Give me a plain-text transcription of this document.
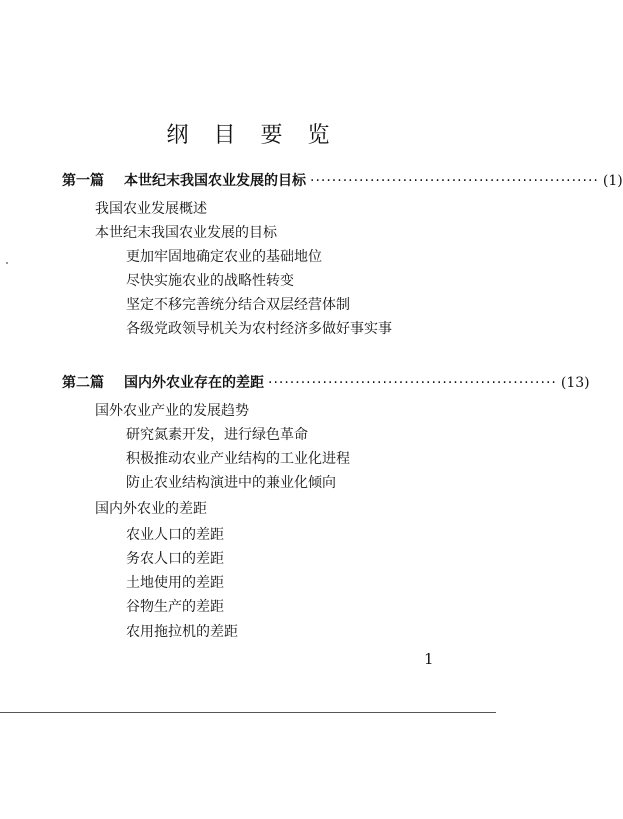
纲 目 要 览
第一篇 本世纪末我国农业发展的目标 ····················································· (1)
我国农业发展概述
本世纪末我国农业发展的目标
更加牢固地确定农业的基础地位
尽快实施农业的战略性转变
坚定不移完善统分结合双层经营体制
各级党政领导机关为农村经济多做好事实事
第二篇 国内外农业存在的差距 ····················································· (13)
国外农业产业的发展趋势
研究氮素开发，进行绿色革命
积极推动农业产业结构的工业化进程
防止农业结构演进中的兼业化倾向
国内外农业的差距
农业人口的差距
务农人口的差距
土地使用的差距
谷物生产的差距
农用拖拉机的差距
1
